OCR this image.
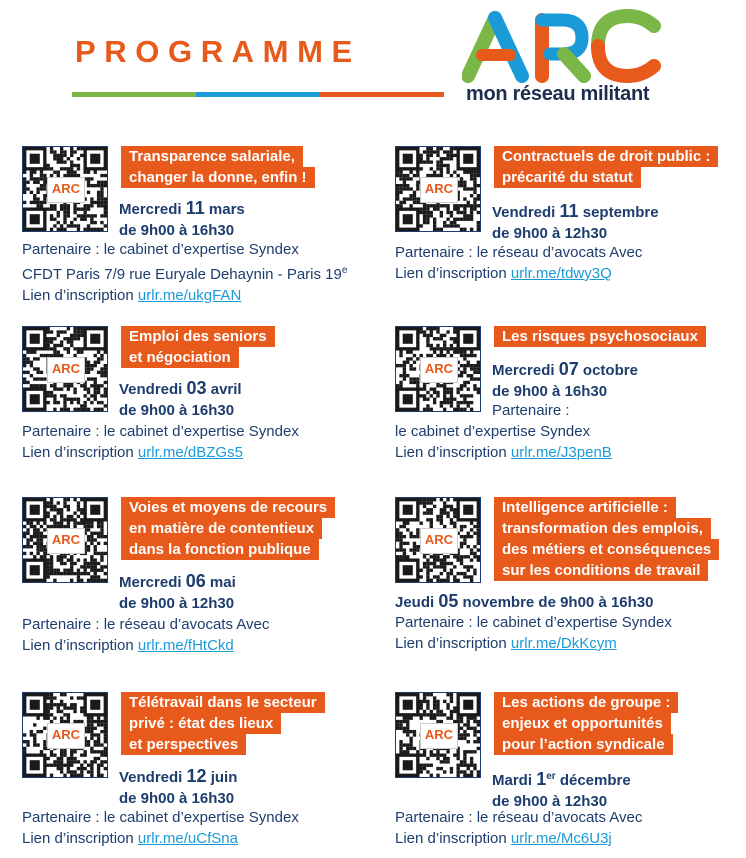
PROGRAMME
mon réseau militant
ARC
Transparence salariale,
changer la donne, enfin !
Mercredi 11 mars
de 9h00 à 16h30
Partenaire : le cabinet d’expertise Syndex
CFDT Paris 7/9 rue Euryale Dehaynin - Paris 19e
Lien d’inscription urlr.me/ukgFAN
ARC
Contractuels de droit public :
précarité du statut
Vendredi 11 septembre
de 9h00 à 12h30
Partenaire : le réseau d’avocats Avec
Lien d’inscription urlr.me/tdwy3Q
ARC
Emploi des seniors
et négociation
Vendredi 03 avril
de 9h00 à 16h30
Partenaire : le cabinet d’expertise Syndex
Lien d’inscription urlr.me/dBZGs5
ARC
Les risques psychosociaux
Mercredi 07 octobre
de 9h00 à 16h30
Partenaire :
le cabinet d’expertise Syndex
Lien d’inscription urlr.me/J3penB
ARC
Voies et moyens de recours
en matière de contentieux
dans la fonction publique
Mercredi 06 mai
de 9h00 à 12h30
Partenaire : le réseau d’avocats Avec
Lien d’inscription urlr.me/fHtCkd
ARC
Intelligence artificielle :
transformation des emplois,
des métiers et conséquences
sur les conditions de travail
Jeudi 05 novembre de 9h00 à 16h30
Partenaire : le cabinet d’expertise Syndex
Lien d’inscription urlr.me/DkKcym
ARC
Télétravail dans le secteur
privé : état des lieux
et perspectives
Vendredi 12 juin
de 9h00 à 16h30
Partenaire : le cabinet d’expertise Syndex
Lien d’inscription urlr.me/uCfSna
ARC
Les actions de groupe :
enjeux et opportunités
pour l’action syndicale
Mardi 1er décembre
de 9h00 à 12h30
Partenaire : le réseau d’avocats Avec
Lien d’inscription urlr.me/Mc6U3j
